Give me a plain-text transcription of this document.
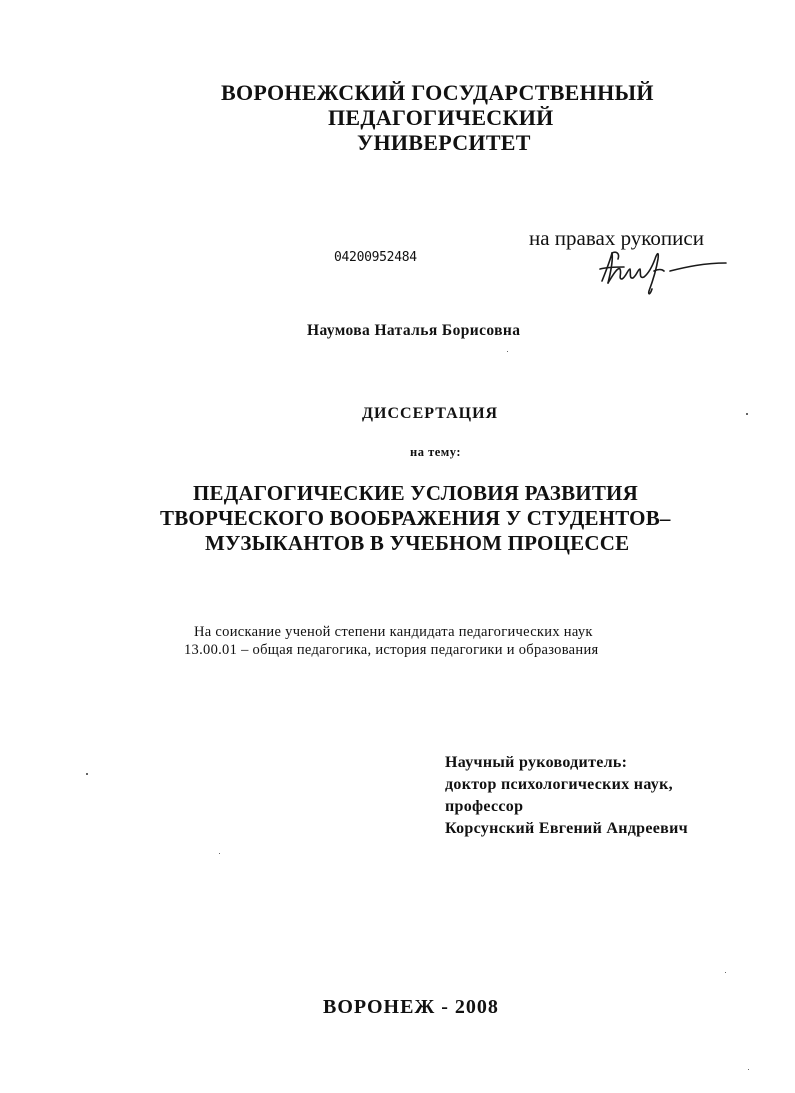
ВОРОНЕЖСКИЙ ГОСУДАРСТВЕННЫЙ
ПЕДАГОГИЧЕСКИЙ
УНИВЕРСИТЕТ
на правах рукописи
04200952484
Наумова Наталья Борисовна
ДИССЕРТАЦИЯ
на тему:
ПЕДАГОГИЧЕСКИЕ УСЛОВИЯ РАЗВИТИЯ
ТВОРЧЕСКОГО ВООБРАЖЕНИЯ У СТУДЕНТОВ–
МУЗЫКАНТОВ В УЧЕБНОМ ПРОЦЕССЕ
На соискание ученой степени кандидата педагогических наук
13.00.01 – общая педагогика, история педагогики и образования
Научный руководитель:
доктор психологических наук,
профессор
Корсунский Евгений Андреевич
ВОРОНЕЖ - 2008
